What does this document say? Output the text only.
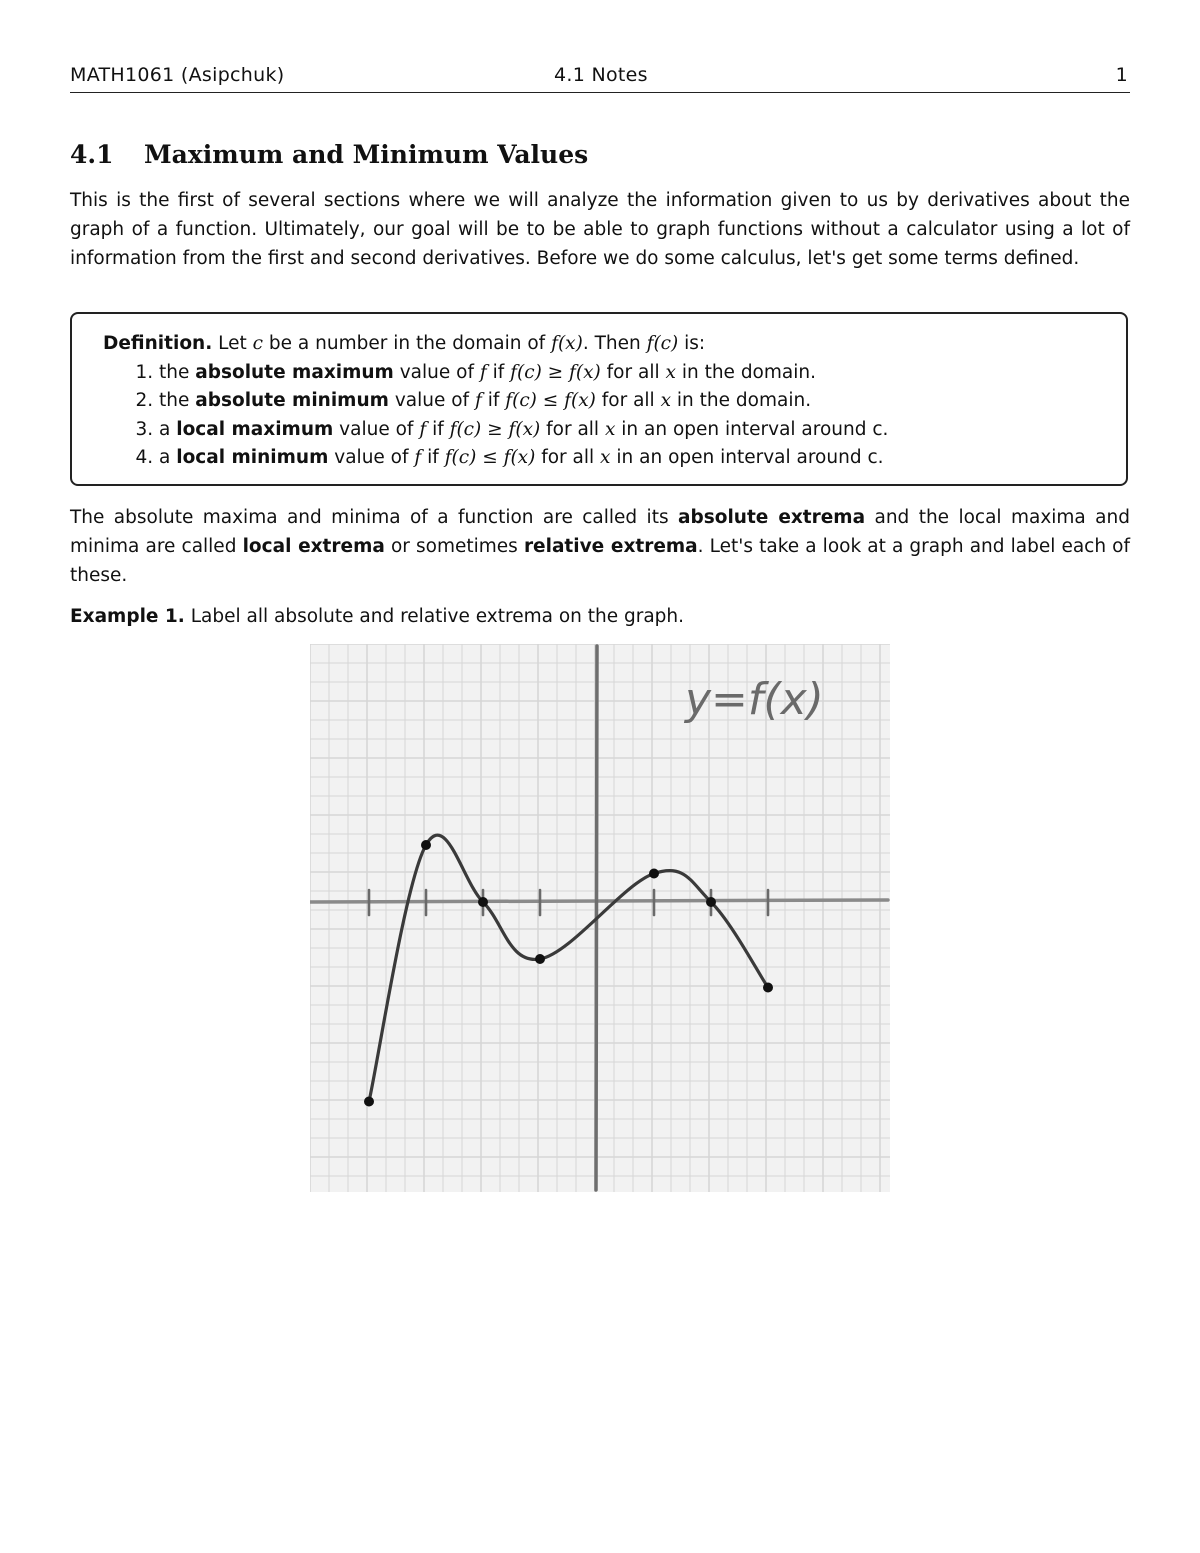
MATH1061 (Asipchuk)	4.1 Notes	1
4.1 Maximum and Minimum Values

This is the first of several sections where we will analyze the information given to us by derivatives about the graph of a function. Ultimately, our goal will be to be able to graph functions without a calculator using a lot of information from the first and second derivatives. Before we do some calculus, let's get some terms defined.

Definition. Let c be a number in the domain of f(x). Then f(c) is:
1. the absolute maximum value of f if f(c) ≥ f(x) for all x in the domain.
2. the absolute minimum value of f if f(c) ≤ f(x) for all x in the domain.
3. a local maximum value of f if f(c) ≥ f(x) for all x in an open interval around c.
4. a local minimum value of f if f(c) ≤ f(x) for all x in an open interval around c.

The absolute maxima and minima of a function are called its absolute extrema and the local maxima and minima are called local extrema or sometimes relative extrema. Let's take a look at a graph and label each of these.

Example 1. Label all absolute and relative extrema on the graph.
y=f(x)
